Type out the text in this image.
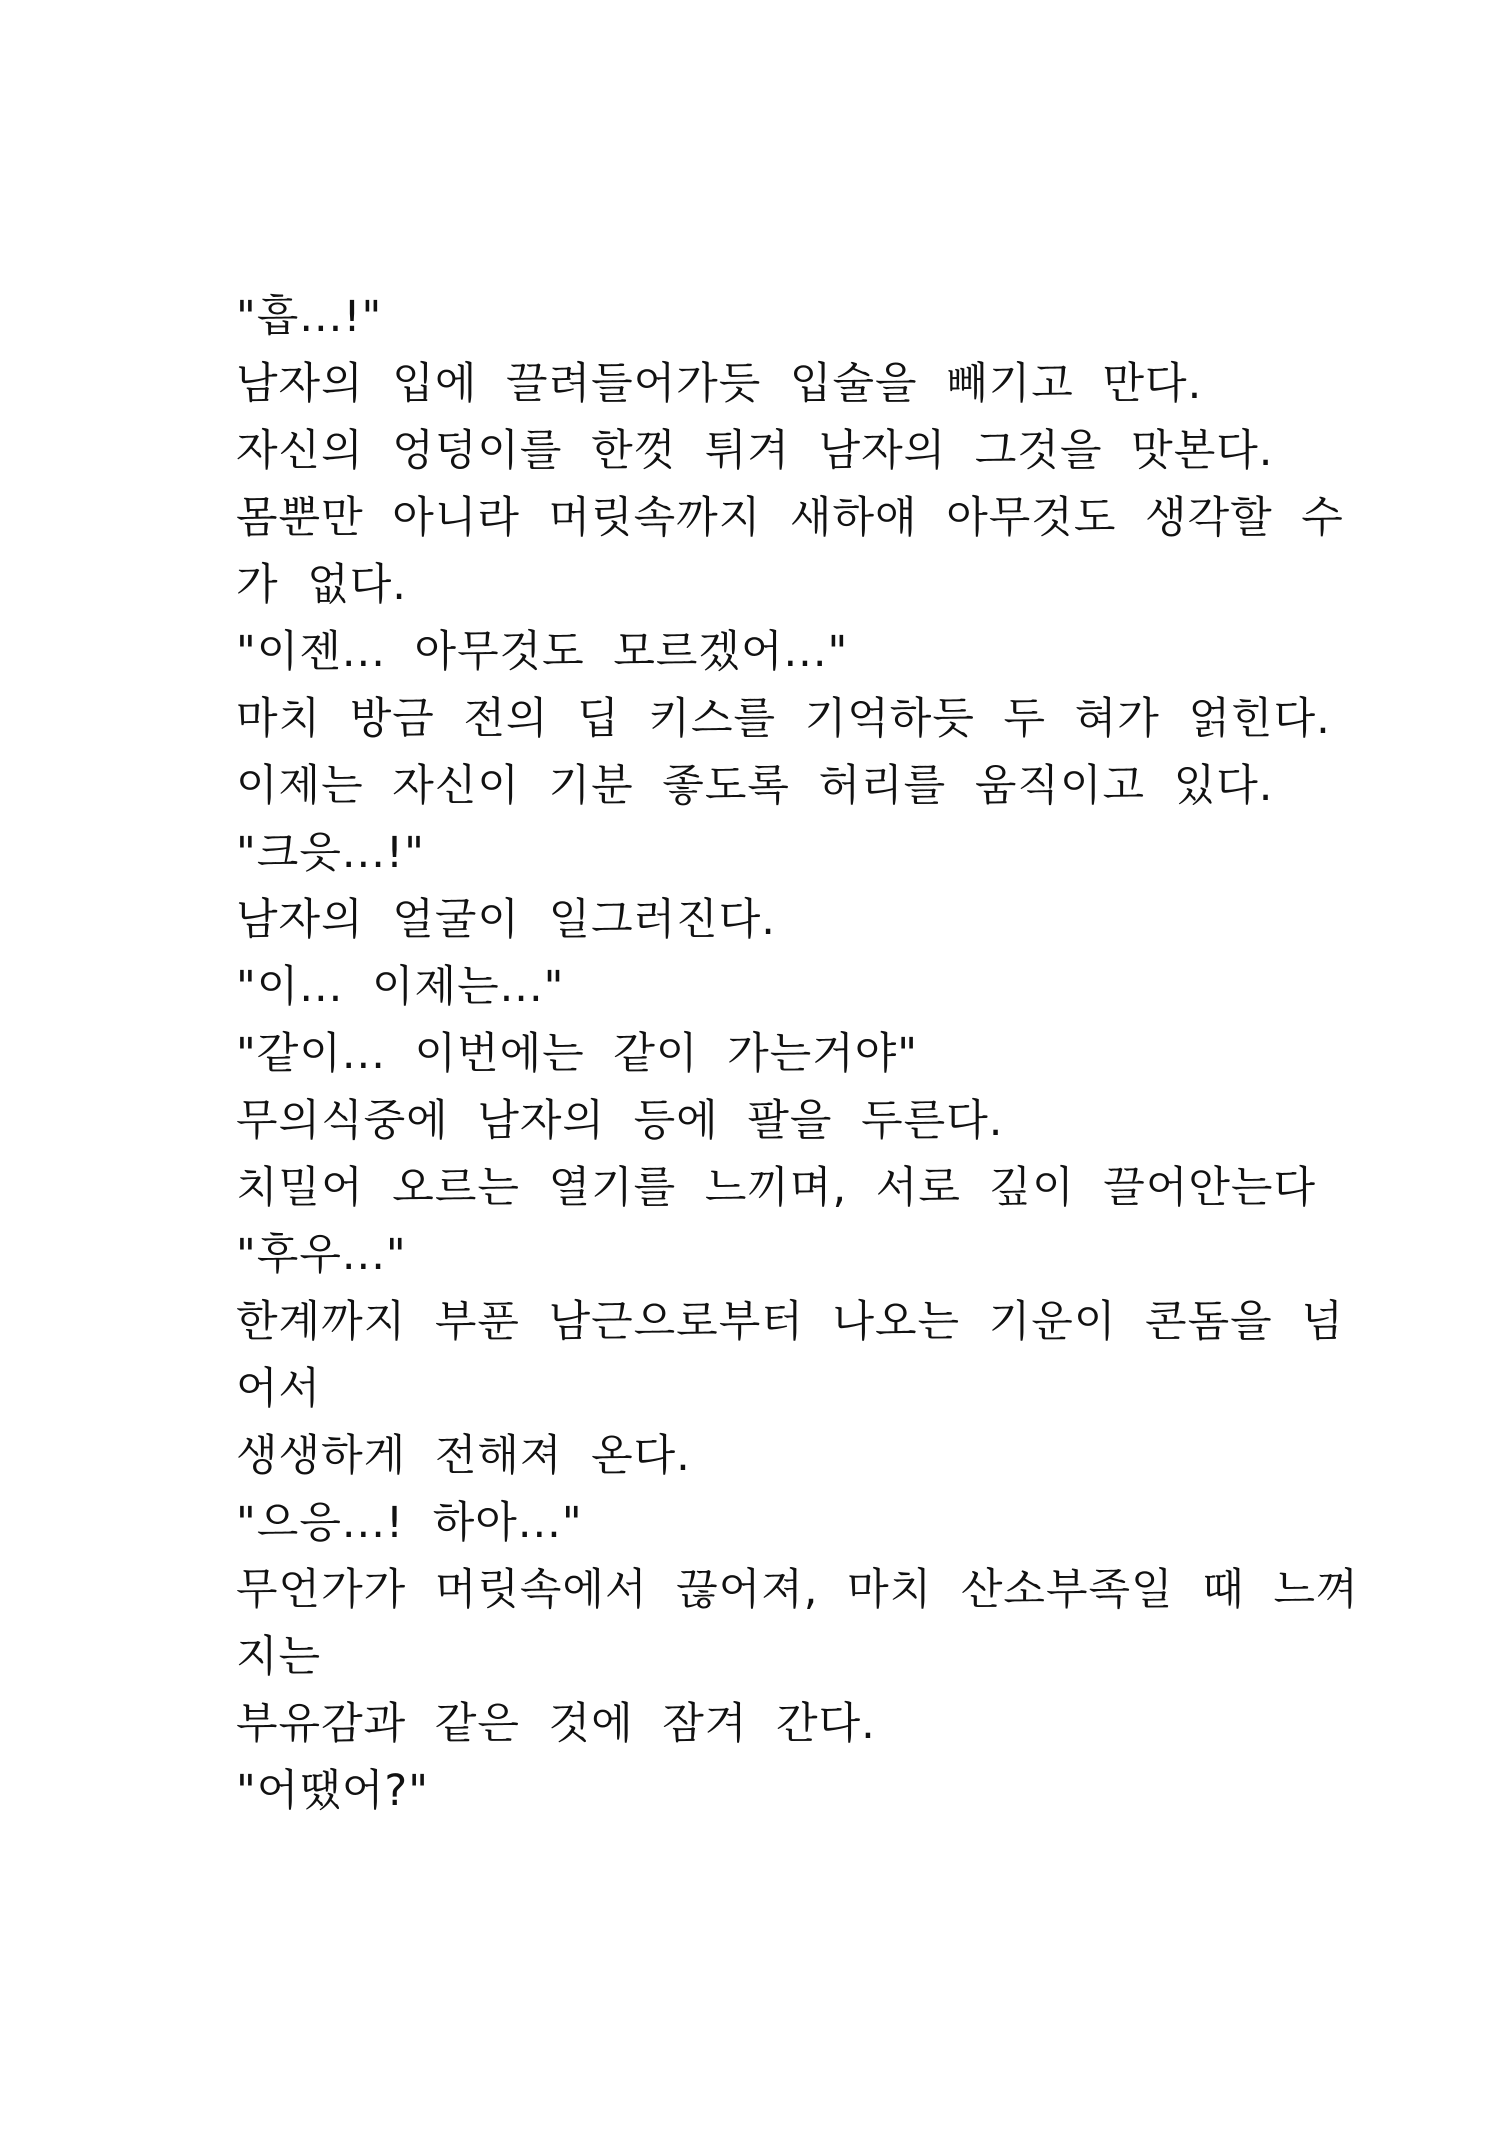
"흡...!"
남자의 입에 끌려들어가듯 입술을 빼기고 만다.
자신의 엉덩이를 한껏 튀겨 남자의 그것을 맛본다.
몸뿐만 아니라 머릿속까지 새하얘 아무것도 생각할 수
가 없다.
"이젠... 아무것도 모르겠어..."
마치 방금 전의 딥 키스를 기억하듯 두 혀가 얽힌다.
이제는 자신이 기분 좋도록 허리를 움직이고 있다.
"크읏...!"
남자의 얼굴이 일그러진다.
"이... 이제는..."
"같이... 이번에는 같이 가는거야"
무의식중에 남자의 등에 팔을 두른다.
치밀어 오르는 열기를 느끼며, 서로 깊이 끌어안는다
"후우..."
한계까지 부푼 남근으로부터 나오는 기운이 콘돔을 넘
어서
생생하게 전해져 온다.
"으응...! 하아..."
무언가가 머릿속에서 끊어져, 마치 산소부족일 때 느껴
지는
부유감과 같은 것에 잠겨 간다.
"어땠어?"
